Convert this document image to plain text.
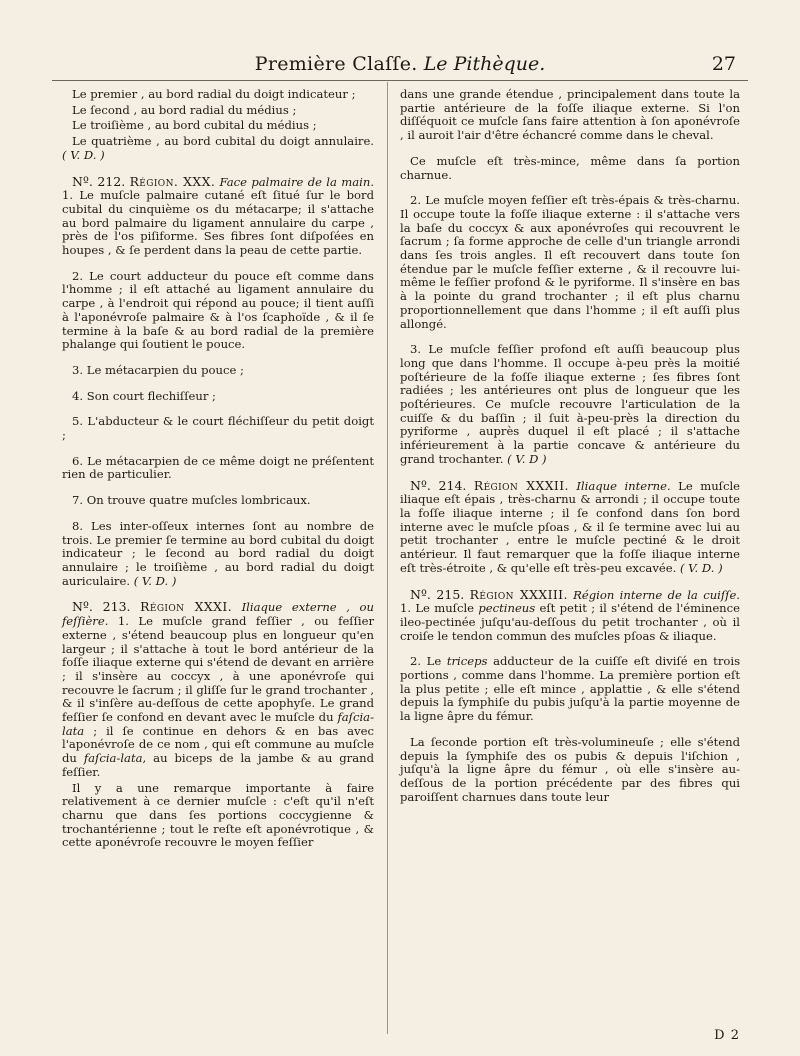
Première Claſſe. Le Pithèque.	27

Le premier , au bord radial du doigt indicateur ;

Le ſecond , au bord radial du médius ;

Le troiſième , au bord cubital du médius ;

Le quatrième , au bord cubital du doigt annulaire. ( V. D. )

Nº. 212. Région. XXX. Face palmaire de la main. 1. Le muſcle palmaire cutané eſt ſitué ſur le bord cubital du cinquième os du métacarpe; il s'attache au bord palmaire du ligament annulaire du carpe , près de l'os piſiforme. Ses fibres ſont diſpoſées en houpes , & ſe perdent dans la peau de cette partie.

2. Le court adducteur du pouce eſt comme dans l'homme ; il eſt attaché au ligament annulaire du carpe , à l'endroit qui répond au pouce; il tient auſſi à l'aponévroſe palmaire & à l'os ſcaphoïde , & il ſe termine à la baſe & au bord radial de la première phalange qui ſoutient le pouce.

3. Le métacarpien du pouce ;

4. Son court flechiſſeur ;

5. L'abducteur & le court fléchiſſeur du petit doigt ;

6. Le métacarpien de ce même doigt ne préſentent rien de particulier.

7. On trouve quatre muſcles lombricaux.

8. Les inter-oſſeux internes ſont au nombre de trois. Le premier ſe termine au bord cubital du doigt indicateur ; le ſecond au bord radial du doigt annulaire ; le troiſième , au bord radial du doigt auriculaire. ( V. D. )

Nº. 213. Région XXXI. Iliaque externe , ou feſſière. 1. Le muſcle grand feſſier , ou feſſier externe , s'étend beaucoup plus en longueur qu'en largeur ; il s'attache à tout le bord antérieur de la foſſe iliaque externe qui s'étend de devant en arrière ; il s'insère au coccyx , à une aponévroſe qui recouvre le ſacrum ; il gliſſe ſur le grand trochanter , & il s'inſère au-deſſous de cette apophyſe. Le grand feſſier ſe confond en devant avec le muſcle du faſcia-lata ; il ſe continue en dehors & en bas avec l'aponévroſe de ce nom , qui eſt commune au muſcle du faſcia-lata, au biceps de la jambe & au grand feſſier.

Il y a une remarque importante à faire relativement à ce dernier muſcle : c'eſt qu'il n'eſt charnu que dans ſes portions coccygienne & trochantérienne ; tout le reſte eſt aponévrotique , & cette aponévroſe recouvre le moyen feſſier

dans une grande étendue , principalement dans toute la partie antérieure de la foſſe iliaque externe. Si l'on diſſéquoit ce muſcle ſans faire attention à ſon aponévroſe , il auroit l'air d'être échancré comme dans le cheval.

Ce muſcle eſt très-mince, même dans ſa portion charnue.

2. Le muſcle moyen feſſier eſt très-épais & très-charnu. Il occupe toute la foſſe iliaque externe : il s'attache vers la baſe du coccyx & aux aponévroſes qui recouvrent le ſacrum ; ſa forme approche de celle d'un triangle arrondi dans ſes trois angles. Il eſt recouvert dans toute ſon étendue par le muſcle feſſier externe , & il recouvre lui-même le feſſier profond & le pyriforme. Il s'insère en bas à la pointe du grand trochanter ; il eſt plus charnu proportionnellement que dans l'homme ; il eſt auſſi plus allongé.

3. Le muſcle feſſier profond eſt auſſi beaucoup plus long que dans l'homme. Il occupe à-peu près la moitié poſtérieure de la foſſe iliaque externe ; ſes fibres ſont radiées ; les antérieures ont plus de longueur que les poſtérieures. Ce muſcle recouvre l'articulation de la cuiſſe & du baſſin ; il ſuit à-peu-près la direction du pyriforme , auprès duquel il eſt placé ; il s'attache inférieurement à la partie concave & antérieure du grand trochanter. ( V. D )

Nº. 214. Région XXXII. Iliaque interne. Le muſcle iliaque eſt épais , très-charnu & arrondi ; il occupe toute la foſſe iliaque interne ; il ſe confond dans ſon bord interne avec le muſcle pſoas , & il ſe termine avec lui au petit trochanter , entre le muſcle pectiné & le droit antérieur. Il faut remarquer que la foſſe iliaque interne eſt très-étroite , & qu'elle eſt très-peu excavée. ( V. D. )

Nº. 215. Région XXXIII. Région interne de la cuiſſe. 1. Le muſcle pectineus eſt petit ; il s'étend de l'éminence ileo-pectinée juſqu'au-deſſous du petit trochanter , où il croiſe le tendon commun des muſcles pſoas & iliaque.

2. Le triceps adducteur de la cuiſſe eſt diviſé en trois portions , comme dans l'homme. La première portion eſt la plus petite ; elle eſt mince , applattie , & elle s'étend depuis la ſymphiſe du pubis juſqu'à la partie moyenne de la ligne âpre du fémur.

La ſeconde portion eſt très-volumineuſe ; elle s'étend depuis la ſymphiſe des os pubis & depuis l'iſchion , juſqu'à la ligne âpre du fémur , où elle s'insère au-deſſous de la portion précédente par des fibres qui paroiſſent charnues dans toute leur

D 2
